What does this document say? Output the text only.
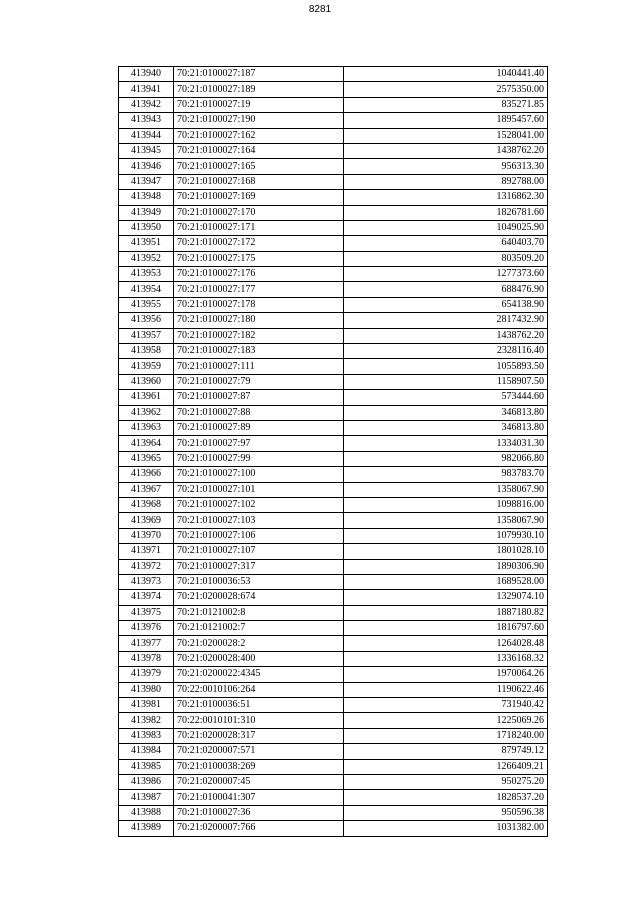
8281
413940	70:21:0100027:187	1040441.40
413941	70:21:0100027:189	2575350.00
413942	70:21:0100027:19	835271.85
413943	70:21:0100027:190	1895457.60
413944	70:21:0100027:162	1528041.00
413945	70:21:0100027:164	1438762.20
413946	70:21:0100027:165	956313.30
413947	70:21:0100027:168	892788.00
413948	70:21:0100027:169	1316862.30
413949	70:21:0100027:170	1826781.60
413950	70:21:0100027:171	1049025.90
413951	70:21:0100027:172	640403.70
413952	70:21:0100027:175	803509.20
413953	70:21:0100027:176	1277373.60
413954	70:21:0100027:177	688476.90
413955	70:21:0100027:178	654138.90
413956	70:21:0100027:180	2817432.90
413957	70:21:0100027:182	1438762.20
413958	70:21:0100027:183	2328116.40
413959	70:21:0100027:111	1055893.50
413960	70:21:0100027:79	1158907.50
413961	70:21:0100027:87	573444.60
413962	70:21:0100027:88	346813.80
413963	70:21:0100027:89	346813.80
413964	70:21:0100027:97	1334031.30
413965	70:21:0100027:99	982066.80
413966	70:21:0100027:100	983783.70
413967	70:21:0100027:101	1358067.90
413968	70:21:0100027:102	1098816.00
413969	70:21:0100027:103	1358067.90
413970	70:21:0100027:106	1079930.10
413971	70:21:0100027:107	1801028.10
413972	70:21:0100027:317	1890306.90
413973	70:21:0100036:53	1689528.00
413974	70:21:0200028:674	1329074.10
413975	70:21:0121002:8	1887180.82
413976	70:21:0121002:7	1816797.60
413977	70:21:0200028:2	1264028.48
413978	70:21:0200028:400	1336168.32
413979	70:21:0200022:4345	1970064.26
413980	70:22:0010106:264	1190622.46
413981	70:21:0100036:51	731940.42
413982	70:22:0010101:310	1225069.26
413983	70:21:0200028:317	1718240.00
413984	70:21:0200007:571	879749.12
413985	70:21:0100038:269	1266409.21
413986	70:21:0200007:45	950275.20
413987	70:21:0100041:307	1828537.20
413988	70:21:0100027:36	950596.38
413989	70:21:0200007:766	1031382.00
